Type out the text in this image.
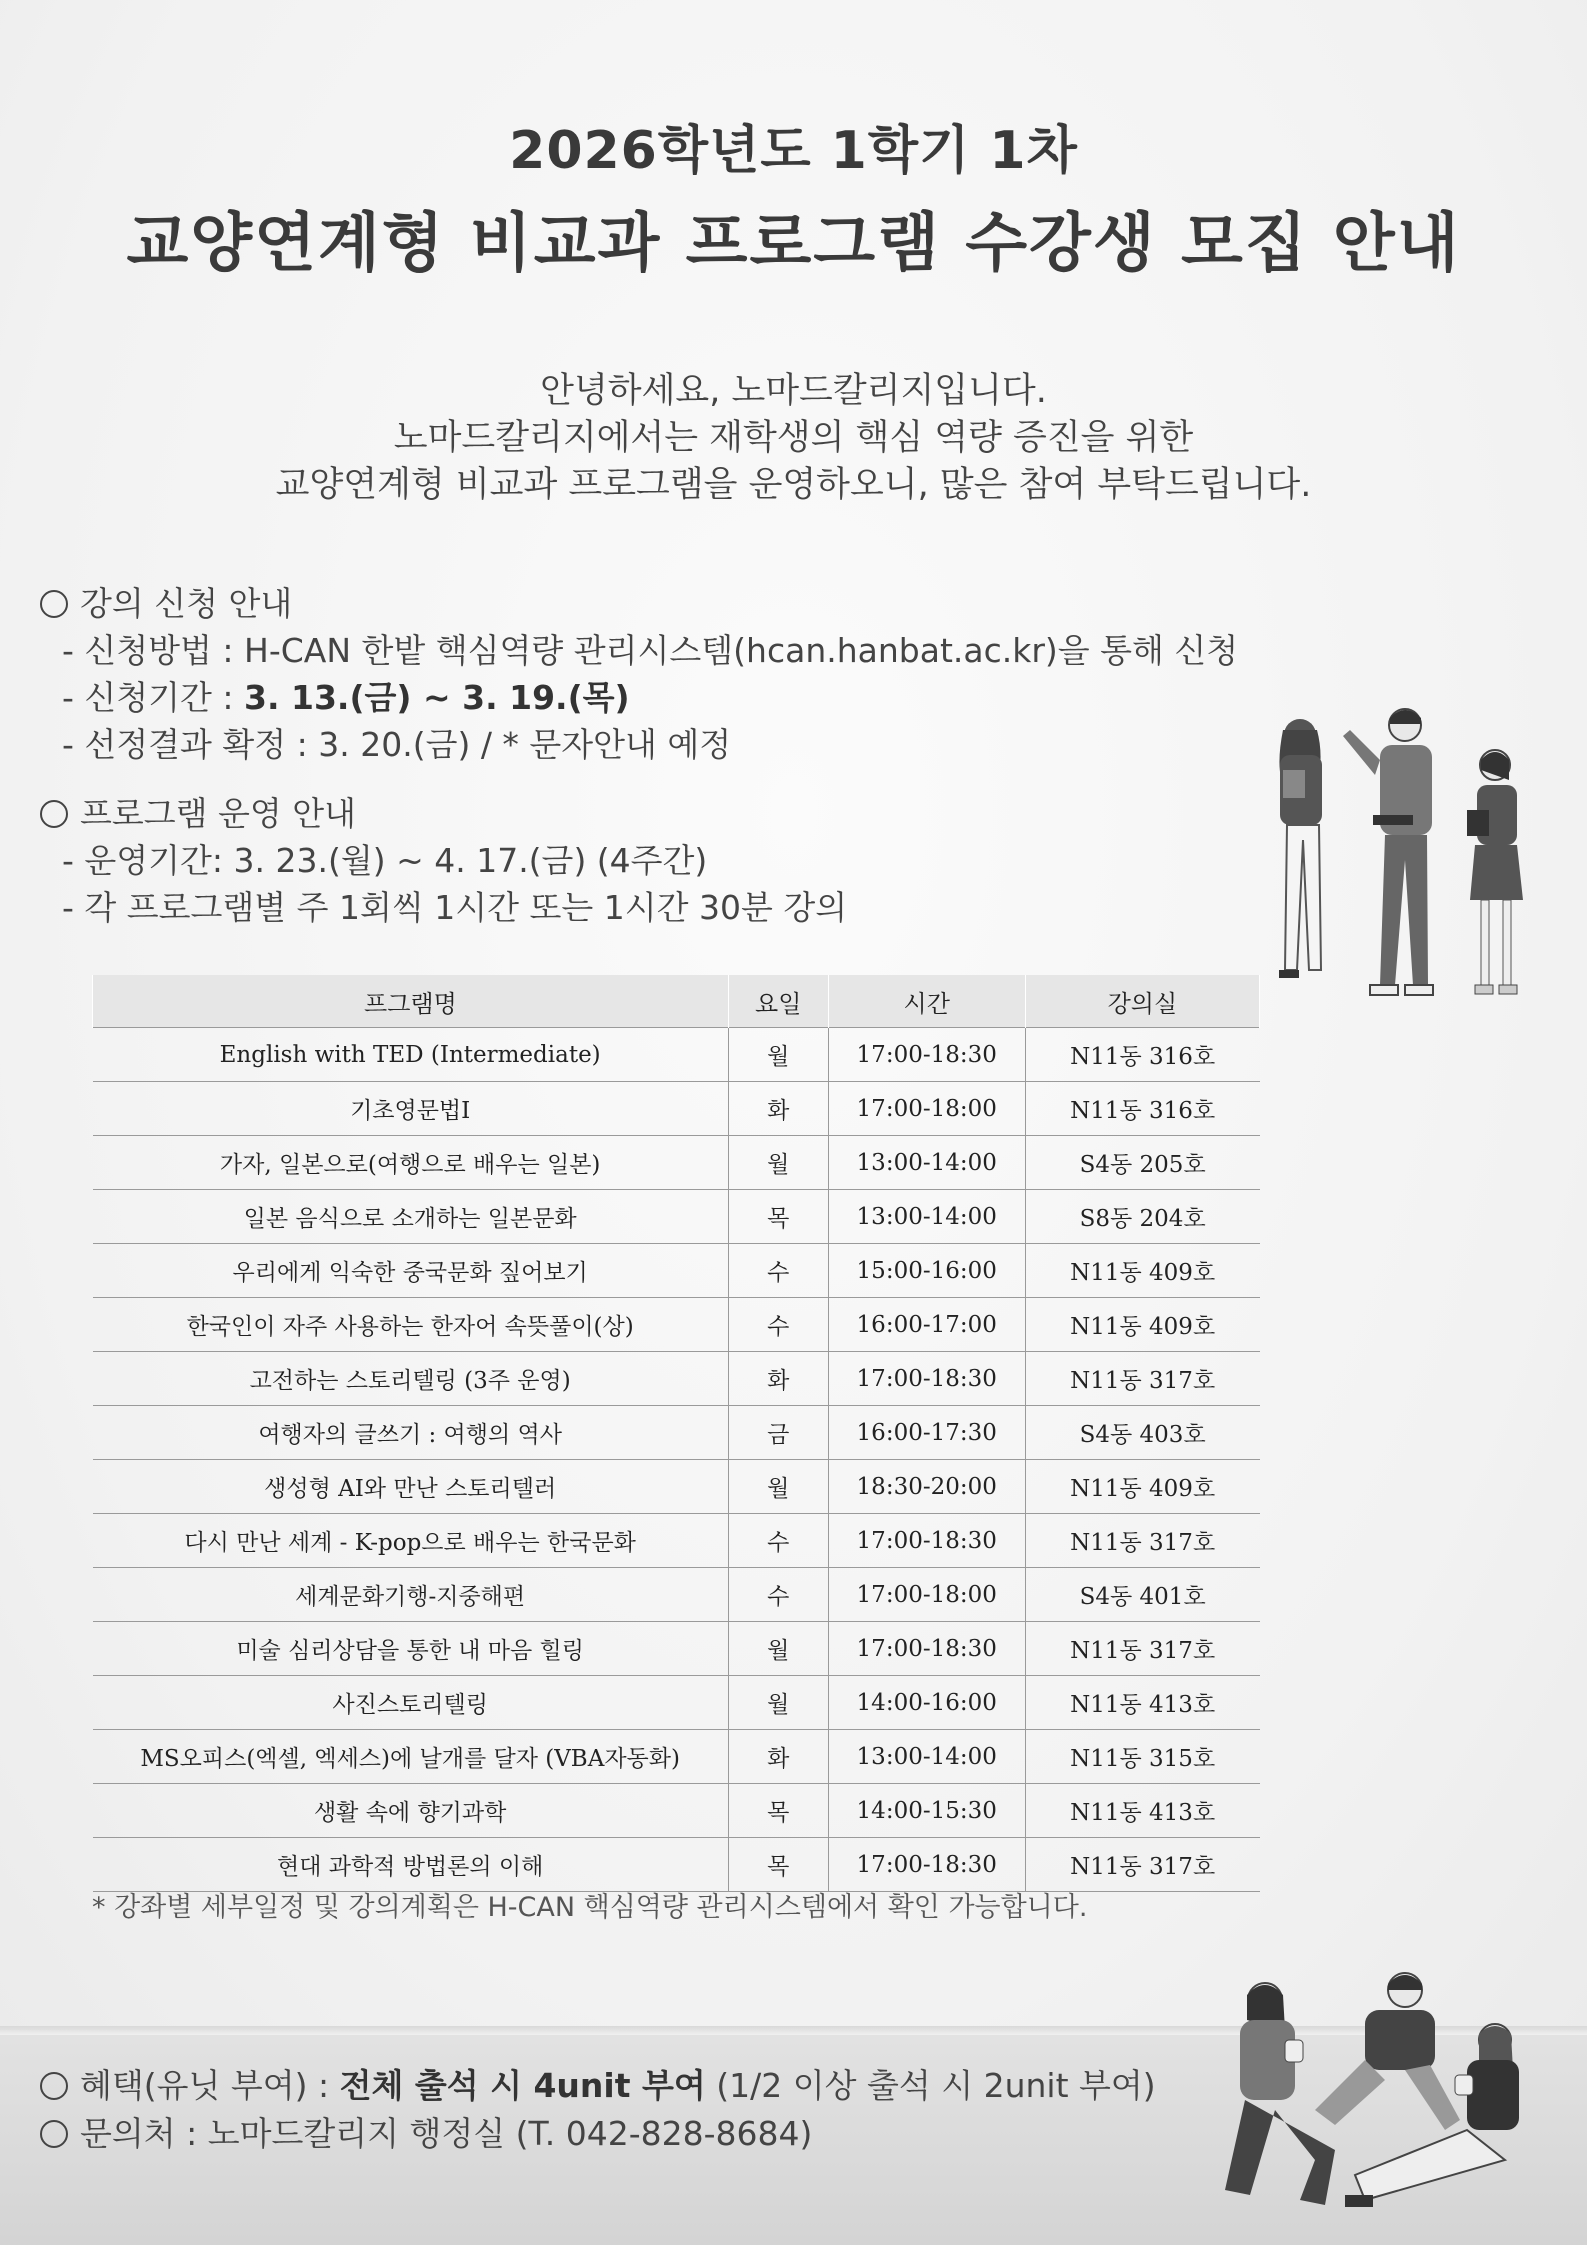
2026학년도 1학기 1차
교양연계형 비교과 프로그램 수강생 모집 안내
안녕하세요, 노마드칼리지입니다.
노마드칼리지에서는 재학생의 핵심 역량 증진을 위한
교양연계형 비교과 프로그램을 운영하오니, 많은 참여 부탁드립니다.
강의 신청 안내
- 신청방법 : H-CAN 한밭 핵심역량 관리시스템(hcan.hanbat.ac.kr)을 통해 신청
- 신청기간 : 3. 13.(금) ~ 3. 19.(목)
- 선정결과 확정 : 3. 20.(금) / * 문자안내 예정
프로그램 운영 안내
- 운영기간: 3. 23.(월) ~ 4. 17.(금) (4주간)
- 각 프로그램별 주 1회씩 1시간 또는 1시간 30분 강의
프그램명	요일	시간	강의실
English with TED (Intermediate)	월	17:00-18:30	N11동 316호
기초영문법I	화	17:00-18:00	N11동 316호
가자, 일본으로(여행으로 배우는 일본)	월	13:00-14:00	S4동 205호
일본 음식으로 소개하는 일본문화	목	13:00-14:00	S8동 204호
우리에게 익숙한 중국문화 짚어보기	수	15:00-16:00	N11동 409호
한국인이 자주 사용하는 한자어 속뜻풀이(상)	수	16:00-17:00	N11동 409호
고전하는 스토리텔링 (3주 운영)	화	17:00-18:30	N11동 317호
여행자의 글쓰기 : 여행의 역사	금	16:00-17:30	S4동 403호
생성형 AI와 만난 스토리텔러	월	18:30-20:00	N11동 409호
다시 만난 세계 - K-pop으로 배우는 한국문화	수	17:00-18:30	N11동 317호
세계문화기행-지중해편	수	17:00-18:00	S4동 401호
미술 심리상담을 통한 내 마음 힐링	월	17:00-18:30	N11동 317호
사진스토리텔링	월	14:00-16:00	N11동 413호
MS오피스(엑셀, 엑세스)에 날개를 달자 (VBA자동화)	화	13:00-14:00	N11동 315호
생활 속에 향기과학	목	14:00-15:30	N11동 413호
현대 과학적 방법론의 이해	목	17:00-18:30	N11동 317호
* 강좌별 세부일정 및 강의계획은 H-CAN 핵심역량 관리시스템에서 확인 가능합니다.
혜택(유닛 부여) : 전체 출석 시 4unit 부여 (1/2 이상 출석 시 2unit 부여)
문의처 : 노마드칼리지 행정실 (T. 042-828-8684)
